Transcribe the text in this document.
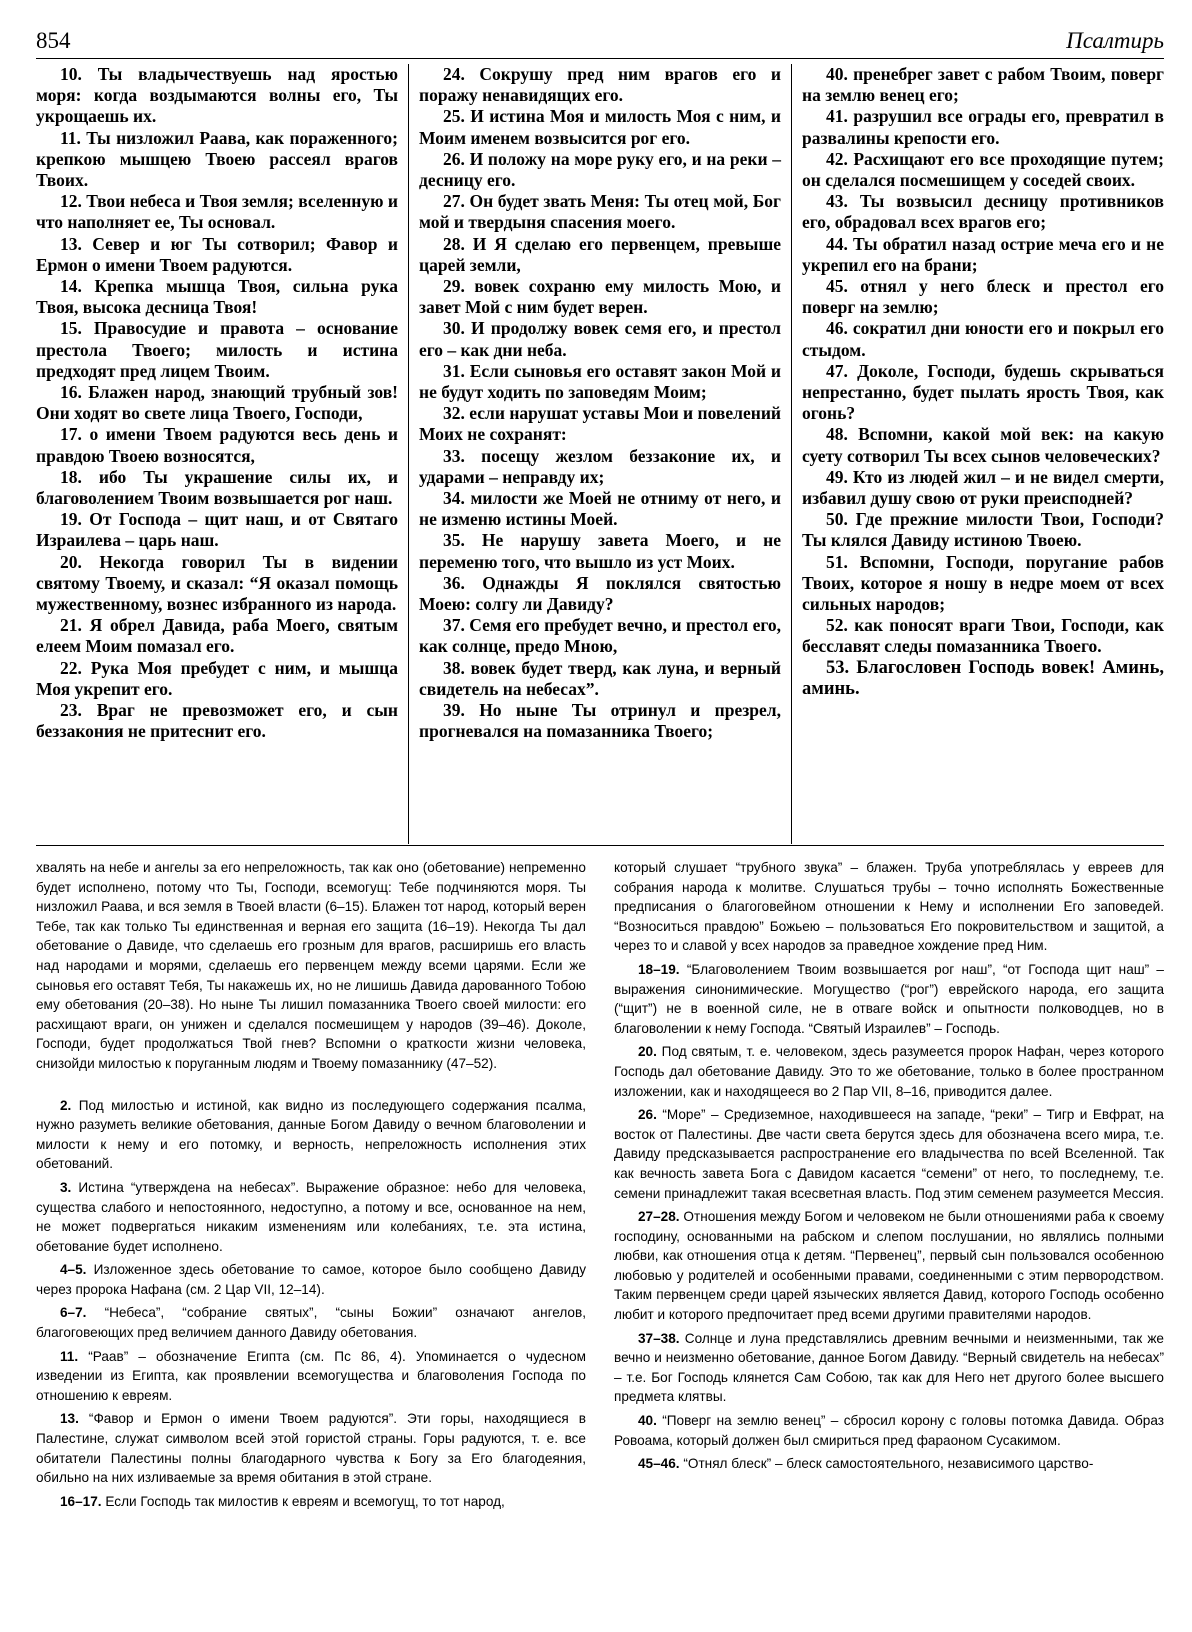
854	Псалтирь

10. Ты владычествуешь над яростью моря: когда воздымаются волны его, Ты укрощаешь их.

11. Ты низложил Раава, как пораженного; крепкою мышцею Твоею рассеял врагов Твоих.

12. Твои небеса и Твоя земля; вселенную и что наполняет ее, Ты основал.

13. Север и юг Ты сотворил; Фавор и Ермон о имени Твоем радуются.

14. Крепка мышца Твоя, сильна рука Твоя, высока десница Твоя!

15. Правосудие и правота – основание престола Твоего; милость и истина предходят пред лицем Твоим.

16. Блажен народ, знающий трубный зов! Они ходят во свете лица Твоего, Господи,

17. о имени Твоем радуются весь день и правдою Твоею возносятся,

18. ибо Ты украшение силы их, и благоволением Твоим возвышается рог наш.

19. От Господа – щит наш, и от Святаго Израилева – царь наш.

20. Некогда говорил Ты в видении святому Твоему, и сказал: “Я оказал помощь мужественному, вознес избранного из народа.

21. Я обрел Давида, раба Моего, святым елеем Моим помазал его.

22. Рука Моя пребудет с ним, и мышца Моя укрепит его.

23. Враг не превозможет его, и сын беззакония не притеснит его.

24. Сокрушу пред ним врагов его и поражу ненавидящих его.

25. И истина Моя и милость Моя с ним, и Моим именем возвысится рог его.

26. И положу на море руку его, и на реки – десницу его.

27. Он будет звать Меня: Ты отец мой, Бог мой и твердыня спасения моего.

28. И Я сделаю его первенцем, превыше царей земли,

29. вовек сохраню ему милость Мою, и завет Мой с ним будет верен.

30. И продолжу вовек семя его, и престол его – как дни неба.

31. Если сыновья его оставят закон Мой и не будут ходить по заповедям Моим;

32. если нарушат уставы Мои и повелений Моих не сохранят:

33. посещу жезлом беззаконие их, и ударами – неправду их;

34. милости же Моей не отниму от него, и не изменю истины Моей.

35. Не нарушу завета Моего, и не переменю того, что вышло из уст Моих.

36. Однажды Я поклялся святостью Моею: солгу ли Давиду?

37. Семя его пребудет вечно, и престол его, как солнце, предо Мною,

38. вовек будет тверд, как луна, и верный свидетель на небесах”.

39. Но ныне Ты отринул и презрел, прогневался на помазанника Твоего;

40. пренебрег завет с рабом Твоим, поверг на землю венец его;

41. разрушил все ограды его, превратил в развалины крепости его.

42. Расхищают его все проходящие путем; он сделался посмешищем у соседей своих.

43. Ты возвысил десницу противников его, обрадовал всех врагов его;

44. Ты обратил назад острие меча его и не укрепил его на брани;

45. отнял у него блеск и престол его поверг на землю;

46. сократил дни юности его и покрыл его стыдом.

47. Доколе, Господи, будешь скрываться непрестанно, будет пылать ярость Твоя, как огонь?

48. Вспомни, какой мой век: на какую суету сотворил Ты всех сынов человеческих?

49. Кто из людей жил – и не видел смерти, избавил душу свою от руки преисподней?

50. Где прежние милости Твои, Господи? Ты клялся Давиду истиною Твоею.

51. Вспомни, Господи, поругание рабов Твоих, которое я ношу в недре моем от всех сильных народов;

52. как поносят враги Твои, Господи, как бесславят следы помазанника Твоего.

53. Благословен Господь вовек! Аминь, аминь.

хвалять на небе и ангелы за его непреложность, так как оно (обетование) непременно будет исполнено, потому что Ты, Господи, всемогущ: Тебе подчиняются моря. Ты низложил Раава, и вся земля в Твоей власти (6–15). Блажен тот народ, который верен Тебе, так как только Ты единственная и верная его защита (16–19). Некогда Ты дал обетование о Давиде, что сделаешь его грозным для врагов, расширишь его власть над народами и морями, сделаешь его первенцем между всеми царями. Если же сыновья его оставят Тебя, Ты накажешь их, но не лишишь Давида дарованного Тобою ему обетования (20–38). Но ныне Ты лишил помазанника Твоего своей милости: его расхищают враги, он унижен и сделался посмешищем у народов (39–46). Доколе, Господи, будет продолжаться Твой гнев? Вспомни о краткости жизни человека, снизойди милостью к поруганным людям и Твоему помазаннику (47–52).

2. Под милостью и истиной, как видно из последующего содержания псалма, нужно разуметь великие обетования, данные Богом Давиду о вечном благоволении и милости к нему и его потомку, и верность, непреложность исполнения этих обетований.

3. Истина “утверждена на небесах”. Выражение образное: небо для человека, существа слабого и непостоянного, недоступно, а потому и все, основанное на нем, не может подвергаться никаким изменениям или колебаниях, т.е. эта истина, обетование будет исполнено.

4–5. Изложенное здесь обетование то самое, которое было сообщено Давиду через пророка Нафана (см. 2 Цар VII, 12–14).

6–7. “Небеса”, “собрание святых”, “сыны Божии” означают ангелов, благоговеющих пред величием данного Давиду обетования.

11. “Раав” – обозначение Египта (см. Пс 86, 4). Упоминается о чудесном изведении из Египта, как проявлении всемогущества и благоволения Господа по отношению к евреям.

13. “Фавор и Ермон о имени Твоем радуются”. Эти горы, находящиеся в Палестине, служат символом всей этой гористой страны. Горы радуются, т. е. все обитатели Палестины полны благодарного чувства к Богу за Его благодеяния, обильно на них изливаемые за время обитания в этой стране.

16–17. Если Господь так милостив к евреям и всемогущ, то тот народ,

который слушает “трубного звука” – блажен. Труба употреблялась у евреев для собрания народа к молитве. Слушаться трубы – точно исполнять Божественные предписания о благоговейном отношении к Нему и исполнении Его заповедей. “Возноситься правдою” Божьею – пользоваться Его покровительством и защитой, а через то и славой у всех народов за праведное хождение пред Ним.

18–19. “Благоволением Твоим возвышается рог наш”, “от Господа щит наш” – выражения синонимические. Могущество (“рог”) еврейского народа, его защита (“щит”) не в военной силе, не в отваге войск и опытности полководцев, но в благоволении к нему Господа. “Святый Израилев” – Господь.

20. Под святым, т. е. человеком, здесь разумеется пророк Нафан, через которого Господь дал обетование Давиду. Это то же обетование, только в более пространном изложении, как и находящееся во 2 Пар VII, 8–16, приводится далее.

26. “Море” – Средиземное, находившееся на западе, “реки” – Тигр и Евфрат, на восток от Палестины. Две части света берутся здесь для обозначена всего мира, т.е. Давиду предсказывается распространение его владычества по всей Вселенной. Так как вечность завета Бога с Давидом касается “семени” от него, то последнему, т.е. семени принадлежит такая всесветная власть. Под этим семенем разумеется Мессия.

27–28. Отношения между Богом и человеком не были отношениями раба к своему господину, основанными на рабском и слепом послушании, но являлись полными любви, как отношения отца к детям. “Первенец”, первый сын пользовался особенною любовью у родителей и особенными правами, соединенными с этим первородством. Таким первенцем среди царей языческих является Давид, которого Господь особенно любит и которого предпочитает пред всеми другими правителями народов.

37–38. Солнце и луна представлялись древним вечными и неизменными, так же вечно и неизменно обетование, данное Богом Давиду. “Верный свидетель на небесах” – т.е. Бог Господь клянется Сам Собою, так как для Него нет другого более высшего предмета клятвы.

40. “Поверг на землю венец” – сбросил корону с головы потомка Давида. Образ Ровоама, который должен был смириться пред фараоном Сусакимом.

45–46. “Отнял блеск” – блеск самостоятельного, независимого царство-
